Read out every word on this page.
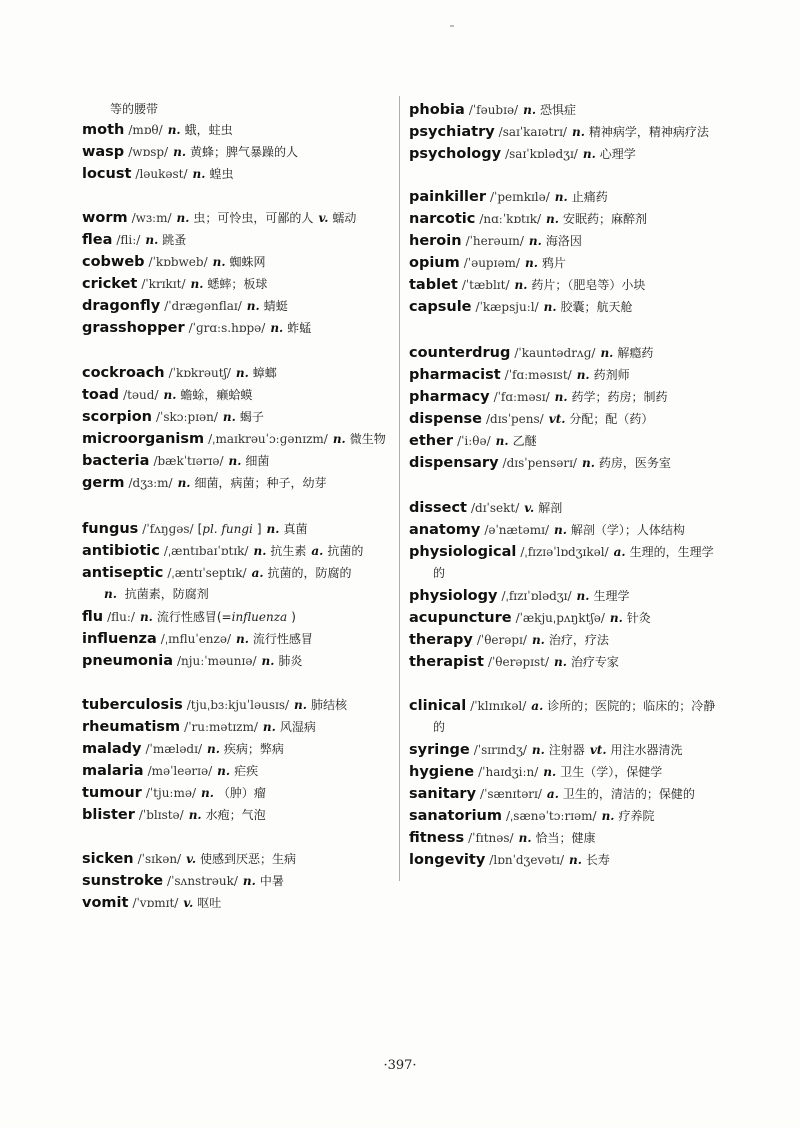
等的腰带
moth /mɒθ/ n. 蛾，蛀虫
wasp /wɒsp/ n. 黄蜂；脾气暴躁的人
locust /ləukəst/ n. 蝗虫
worm /wɜːm/ n. 虫；可怜虫，可鄙的人 v. 蠕动
flea /fliː/ n. 跳蚤
cobweb /ˈkɒbweb/ n. 蜘蛛网
cricket /ˈkrɪkɪt/ n. 蟋蟀；板球
dragonfly /ˈdræɡənflaɪ/ n. 蜻蜓
grasshopper /ˈɡrɑːs.hɒpə/ n. 蚱蜢
cockroach /ˈkɒkrəutʃ/ n. 蟑螂
toad /təud/ n. 蟾蜍，癞蛤蟆
scorpion /ˈskɔːpɪən/ n. 蝎子
microorganism /ˌmaɪkrəuˈɔːɡənɪzm/ n. 微生物
bacteria /bækˈtɪərɪə/ n. 细菌
germ /dʒɜːm/ n. 细菌，病菌；种子，幼芽
fungus /ˈfʌŋɡəs/ [pl. fungi ] n. 真菌
antibiotic /ˌæntɪbaɪˈɒtɪk/ n. 抗生素 a. 抗菌的
antiseptic /ˌæntɪˈseptɪk/ a. 抗菌的，防腐的
flu /fluː/ n. 流行性感冒(=influenza )
influenza /ˌɪnfluˈenzə/ n. 流行性感冒
pneumonia /njuːˈməunɪə/ n. 肺炎
tuberculosis /tjuˌbɜːkjuˈləusɪs/ n. 肺结核
rheumatism /ˈruːmətɪzm/ n. 风湿病
malady /ˈmælədɪ/ n. 疾病；弊病
malaria /məˈleərɪə/ n. 疟疾
tumour /ˈtjuːmə/ n. （肿）瘤
blister /ˈblɪstə/ n. 水疱；气泡
sicken /ˈsɪkən/ v. 使感到厌恶；生病
sunstroke /ˈsʌnstrəuk/ n. 中暑
vomit /ˈvɒmɪt/ v. 呕吐
phobia /ˈfəubɪə/ n. 恐惧症
psychiatry /saɪˈkaɪətrɪ/ n. 精神病学，精神病疗法
psychology /saɪˈkɒlədʒɪ/ n. 心理学
painkiller /ˈpeɪnkɪlə/ n. 止痛药
narcotic /nɑːˈkɒtɪk/ n. 安眠药；麻醉剂
heroin /ˈherəuɪn/ n. 海洛因
opium /ˈəupɪəm/ n. 鸦片
tablet /ˈtæblɪt/ n. 药片；（肥皂等）小块
capsule /ˈkæpsjuːl/ n. 胶囊；航天舱
counterdrug /ˈkauntədrʌɡ/ n. 解瘾药
pharmacist /ˈfɑːməsɪst/ n. 药剂师
pharmacy /ˈfɑːməsɪ/ n. 药学；药房；制药
dispense /dɪsˈpens/ vt. 分配；配（药）
ether /ˈiːθə/ n. 乙醚
dispensary /dɪsˈpensərɪ/ n. 药房，医务室
dissect /dɪˈsekt/ v. 解剖
anatomy /əˈnætəmɪ/ n. 解剖（学）；人体结构
physiological /ˌfɪzɪəˈlɒdʒɪkəl/ a. 生理的，生理学
physiology /ˌfɪzɪˈɒlədʒɪ/ n. 生理学
acupuncture /ˈækjuˌpʌŋktʃə/ n. 针灸
therapy /ˈθerəpɪ/ n. 治疗，疗法
therapist /ˈθerəpɪst/ n. 治疗专家
clinical /ˈklɪnɪkəl/ a. 诊所的；医院的；临床的；冷静
syringe /ˈsɪrɪndʒ/ n. 注射器 vt. 用注水器清洗
hygiene /ˈhaɪdʒiːn/ n. 卫生（学），保健学
sanitary /ˈsænɪtərɪ/ a. 卫生的，清洁的；保健的
sanatorium /ˌsænəˈtɔːrɪəm/ n. 疗养院
fitness /ˈfɪtnəs/ n. 恰当；健康
longevity /lɒnˈdʒevətɪ/ n. 长寿
n. 抗菌素，防腐剂
的
的
·397·
